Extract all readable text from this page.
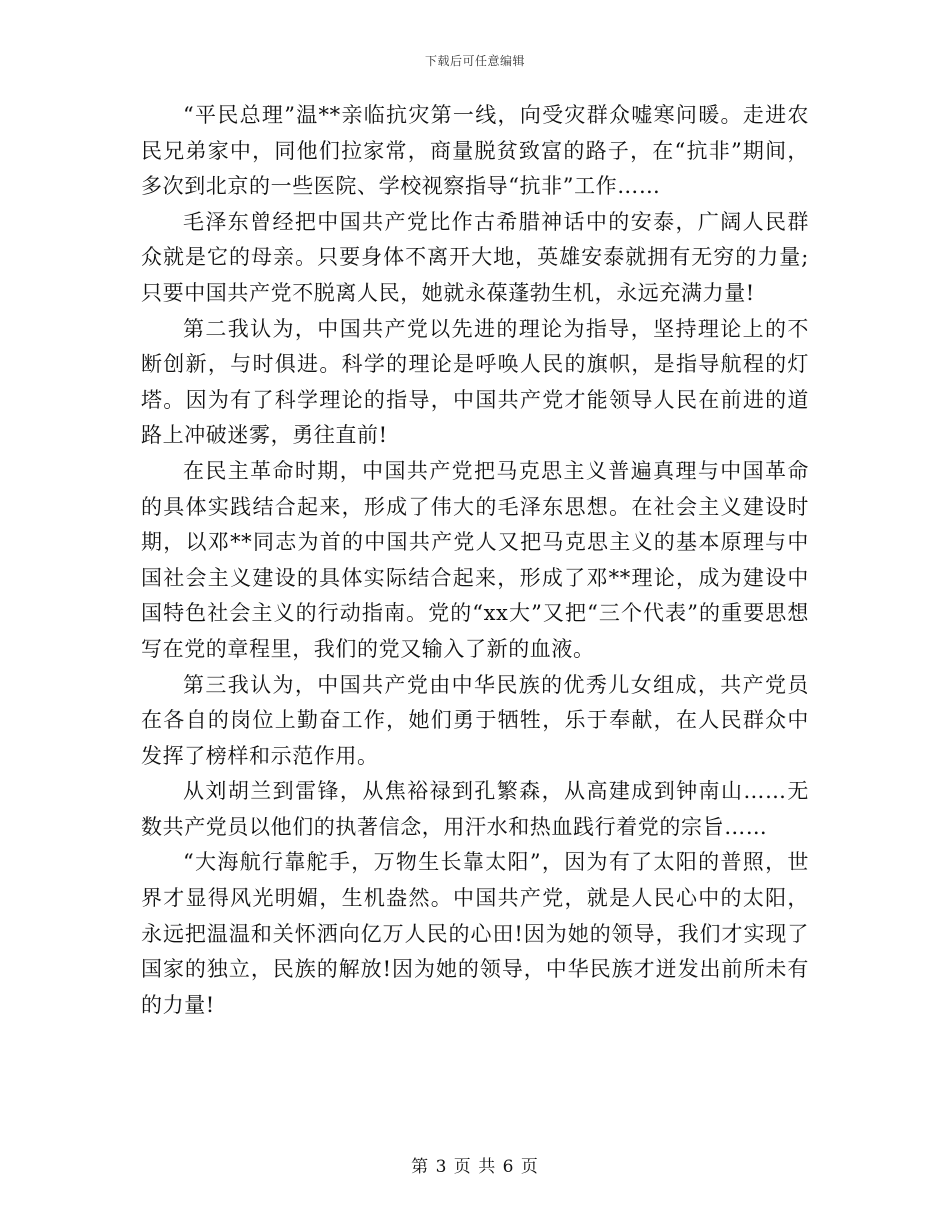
下载后可任意编辑

“平民总理”温**亲临抗灾第一线，向受灾群众嘘寒问暖。走进农民兄弟家中，同他们拉家常，商量脱贫致富的路子，在“抗非”期间，多次到北京的一些医院、学校视察指导“抗非”工作……

毛泽东曾经把中国共产党比作古希腊神话中的安泰，广阔人民群众就是它的母亲。只要身体不离开大地，英雄安泰就拥有无穷的力量;只要中国共产党不脱离人民，她就永葆蓬勃生机，永远充满力量!

第二我认为，中国共产党以先进的理论为指导，坚持理论上的不断创新，与时俱进。科学的理论是呼唤人民的旗帜，是指导航程的灯塔。因为有了科学理论的指导，中国共产党才能领导人民在前进的道路上冲破迷雾，勇往直前!

在民主革命时期，中国共产党把马克思主义普遍真理与中国革命的具体实践结合起来，形成了伟大的毛泽东思想。在社会主义建设时期，以邓**同志为首的中国共产党人又把马克思主义的基本原理与中国社会主义建设的具体实际结合起来，形成了邓**理论，成为建设中国特色社会主义的行动指南。党的“xx大”又把“三个代表”的重要思想写在党的章程里，我们的党又输入了新的血液。

第三我认为，中国共产党由中华民族的优秀儿女组成，共产党员在各自的岗位上勤奋工作，她们勇于牺牲，乐于奉献，在人民群众中发挥了榜样和示范作用。

从刘胡兰到雷锋，从焦裕禄到孔繁森，从高建成到钟南山……无数共产党员以他们的执著信念，用汗水和热血践行着党的宗旨……

“大海航行靠舵手，万物生长靠太阳”，因为有了太阳的普照，世界才显得风光明媚，生机盎然。中国共产党，就是人民心中的太阳，永远把温温和关怀洒向亿万人民的心田!因为她的领导，我们才实现了国家的独立，民族的解放!因为她的领导，中华民族才迸发出前所未有的力量!

第 3 页 共 6 页
